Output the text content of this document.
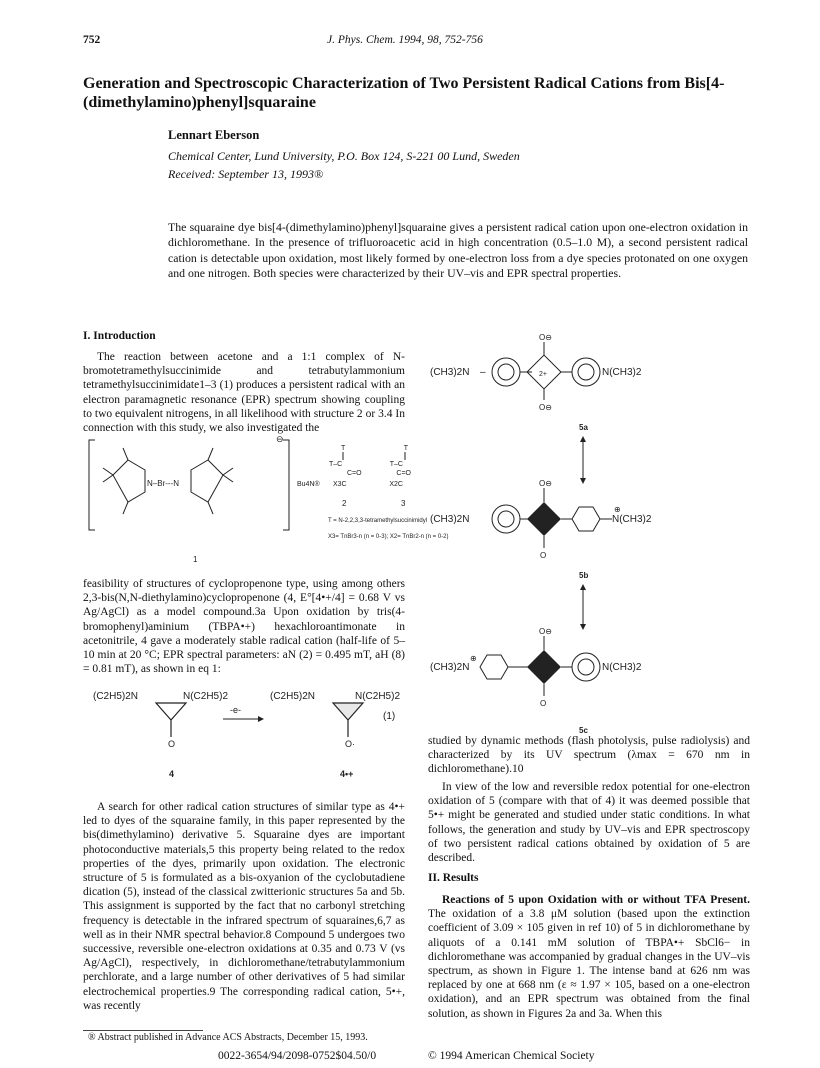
752	J. Phys. Chem. 1994, 98, 752-756
Generation and Spectroscopic Characterization of Two Persistent Radical Cations from Bis[4-(dimethylamino)phenyl]squaraine
Lennart Eberson
Chemical Center, Lund University, P.O. Box 124, S-221 00 Lund, Sweden
Received: September 13, 1993®
The squaraine dye bis[4-(dimethylamino)phenyl]squaraine gives a persistent radical cation upon one-electron oxidation in dichloromethane. In the presence of trifluoroacetic acid in high concentration (0.5–1.0 M), a second persistent radical cation is detectable upon oxidation, most likely formed by one-electron loss from a dye species protonated on one oxygen and one nitrogen. Both species were characterized by their UV–vis and EPR spectral properties.
I. Introduction

The reaction between acetone and a 1:1 complex of N-bromotetramethylsuccinimide and tetrabutylammonium tetramethylsuccinimidate1–3 (1) produces a persistent radical with an electron paramagnetic resonance (EPR) spectrum showing coupling to two equivalent nitrogens, in all likelihood with structure 2 or 3.4 In connection with this study, we also investigated the

N–Br---N
⊖
Bu4N®
T
T–C
C=O
X3C
T
T–C
C=O
X2C
2	3
T = N-2,2,3,3-tetramethylsuccinimidyl
X3= TnBr3-n (n = 0-3); X2= TnBr2-n (n = 0-2)
1

feasibility of structures of cyclopropenone type, using among others 2,3-bis(N,N-diethylamino)cyclopropenone (4, E°[4•+/4] = 0.68 V vs Ag/AgCl) as a model compound.3a Upon oxidation by tris(4-bromophenyl)aminium (TBPA•+) hexachloroantimonate in acetonitrile, 4 gave a moderately stable radical cation (half-life of 5–10 min at 20 °C; EPR spectral parameters: aN (2) = 0.495 mT, aH (8) = 0.81 mT), as shown in eq 1:

(C2H5)2N	N(C2H5)2
O
-e-
(C2H5)2N	N(C2H5)2
O·
(1)
4	4•+

A search for other radical cation structures of similar type as 4•+ led to dyes of the squaraine family, in this paper represented by the bis(dimethylamino) derivative 5. Squaraine dyes are important photoconductive materials,5 this property being related to the redox properties of the dyes, primarily upon oxidation. The electronic structure of 5 is formulated as a bis-oxyanion of the cyclobutadiene dication (5), instead of the classical zwitterionic structures 5a and 5b. This assignment is supported by the fact that no carbonyl stretching frequency is detectable in the infrared spectrum of squaraines,6,7 as well as in their NMR spectral behavior.8 Compound 5 undergoes two successive, reversible one-electron oxidations at 0.35 and 0.73 V (vs Ag/AgCl), respectively, in dichloromethane/tetrabutylammonium perchlorate, and a large number of other derivatives of 5 had similar electrochemical properties.9 The corresponding radical cation, 5•+, was recently

® Abstract published in Advance ACS Abstracts, December 15, 1993.
(CH3)2N –	2+
O⊖
O⊖
N(CH3)2
5a
(CH3)2N
O⊖
O
⊕
N(CH3)2
5b
(CH3)2N
⊕
O⊖
O
N(CH3)2
5c

studied by dynamic methods (flash photolysis, pulse radiolysis) and characterized by its UV spectrum (λmax = 670 nm in dichloromethane).10

In view of the low and reversible redox potential for one-electron oxidation of 5 (compare with that of 4) it was deemed possible that 5•+ might be generated and studied under static conditions. In what follows, the generation and study by UV–vis and EPR spectroscopy of two persistent radical cations obtained by oxidation of 5 are described.

II. Results

Reactions of 5 upon Oxidation with or without TFA Present. The oxidation of a 3.8 μM solution (based upon the extinction coefficient of 3.09 × 105 given in ref 10) of 5 in dichloromethane by aliquots of a 0.141 mM solution of TBPA•+ SbCl6− in dichloromethane was accompanied by gradual changes in the UV–vis spectrum, as shown in Figure 1. The intense band at 626 nm was replaced by one at 668 nm (ε ≈ 1.97 × 105, based on a one-electron oxidation), and an EPR spectrum was obtained from the final solution, as shown in Figures 2a and 3a. When this

0022-3654/94/2098-0752$04.50/0	© 1994 American Chemical Society
